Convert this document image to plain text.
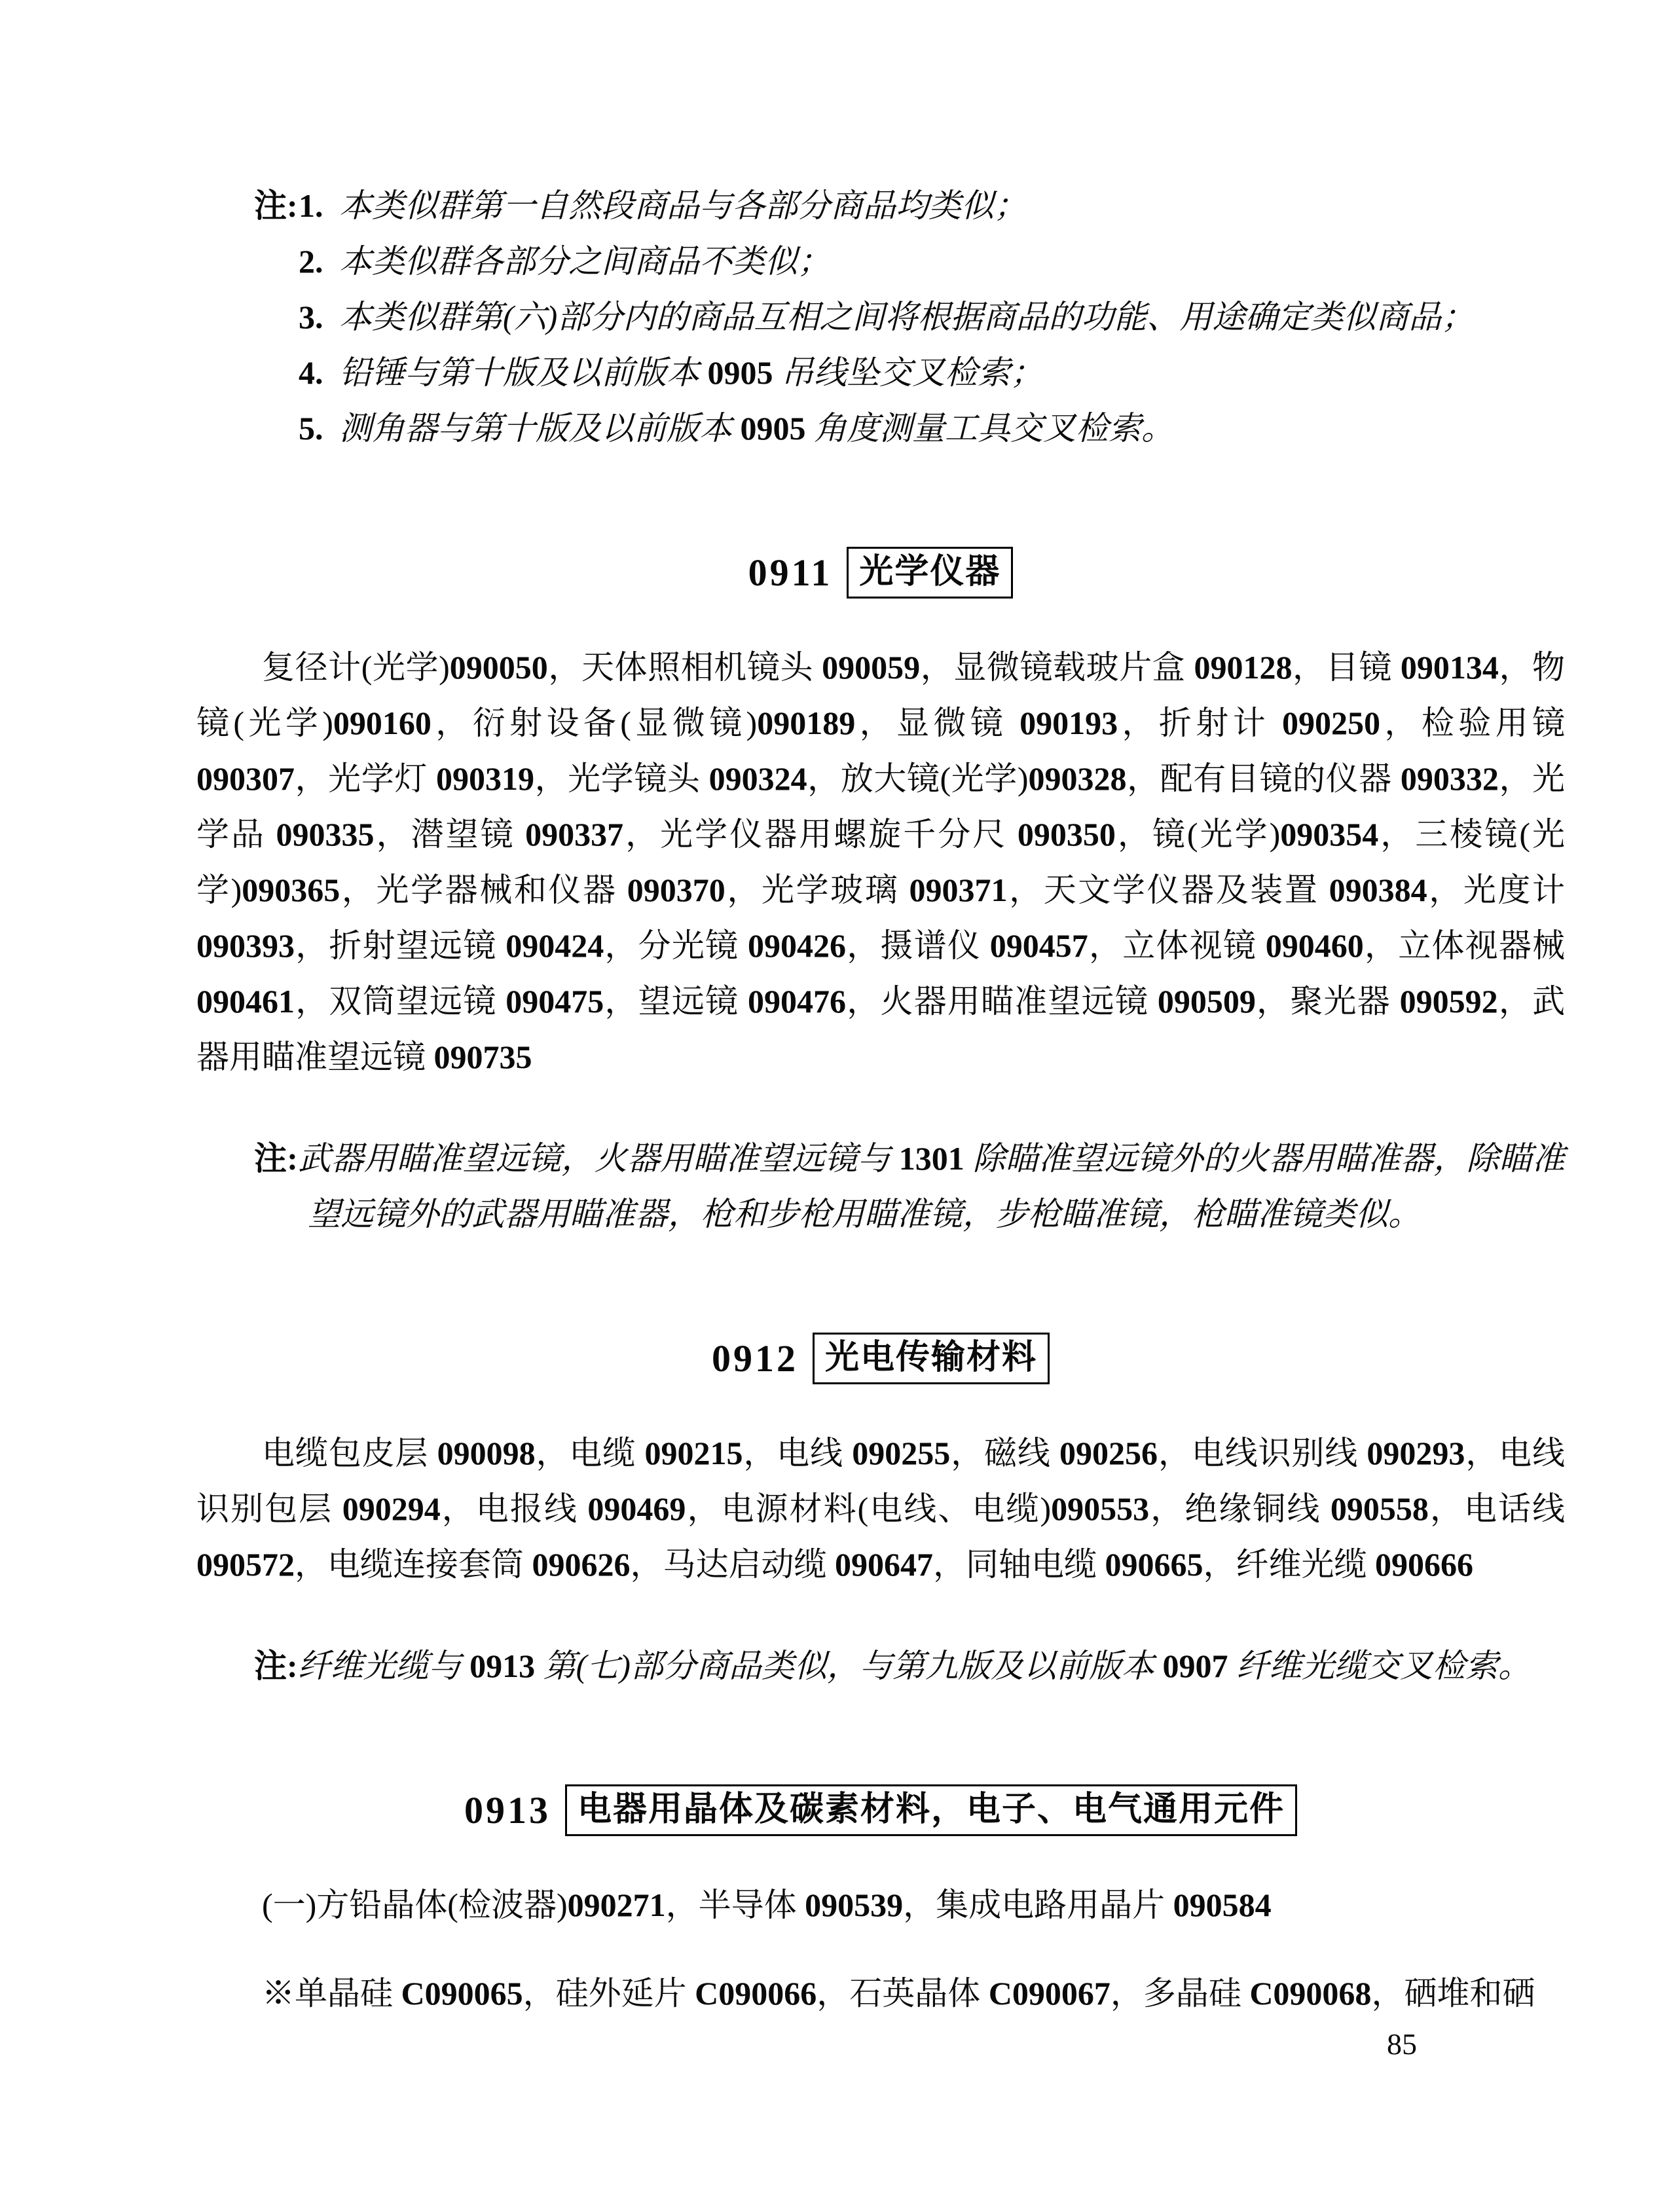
注: 1. 本类似群第一自然段商品与各部分商品均类似；
2. 本类似群各部分之间商品不类似；
3. 本类似群第(六)部分内的商品互相之间将根据商品的功能、用途确定类似商品；
4. 铅锤与第十版及以前版本 0905 吊线坠交叉检索；
5. 测角器与第十版及以前版本 0905 角度测量工具交叉检索。
0911 光学仪器

复径计(光学)090050，天体照相机镜头 090059，显微镜载玻片盒 090128，目镜 090134，物镜(光学)090160，衍射设备(显微镜)090189，显微镜 090193，折射计 090250，检验用镜 090307，光学灯 090319，光学镜头 090324，放大镜(光学)090328，配有目镜的仪器 090332，光学品 090335，潜望镜 090337，光学仪器用螺旋千分尺 090350，镜(光学)090354，三棱镜(光学)090365，光学器械和仪器 090370，光学玻璃 090371，天文学仪器及装置 090384，光度计 090393，折射望远镜 090424，分光镜 090426，摄谱仪 090457，立体视镜 090460，立体视器械 090461，双筒望远镜 090475，望远镜 090476，火器用瞄准望远镜 090509，聚光器 090592，武器用瞄准望远镜 090735

注:武器用瞄准望远镜，火器用瞄准望远镜与 1301 除瞄准望远镜外的火器用瞄准器，除瞄准望远镜外的武器用瞄准器，枪和步枪用瞄准镜，步枪瞄准镜，枪瞄准镜类似。
0912 光电传输材料

电缆包皮层 090098，电缆 090215，电线 090255，磁线 090256，电线识别线 090293，电线识别包层 090294，电报线 090469，电源材料(电线、电缆)090553，绝缘铜线 090558，电话线 090572，电缆连接套筒 090626，马达启动缆 090647，同轴电缆 090665，纤维光缆 090666

注:纤维光缆与 0913 第(七)部分商品类似，与第九版及以前版本 0907 纤维光缆交叉检索。
0913 电器用晶体及碳素材料，电子、电气通用元件

(一)方铅晶体(检波器)090271，半导体 090539，集成电路用晶片 090584

※单晶硅 C090065，硅外延片 C090066，石英晶体 C090067，多晶硅 C090068，硒堆和硒

85
